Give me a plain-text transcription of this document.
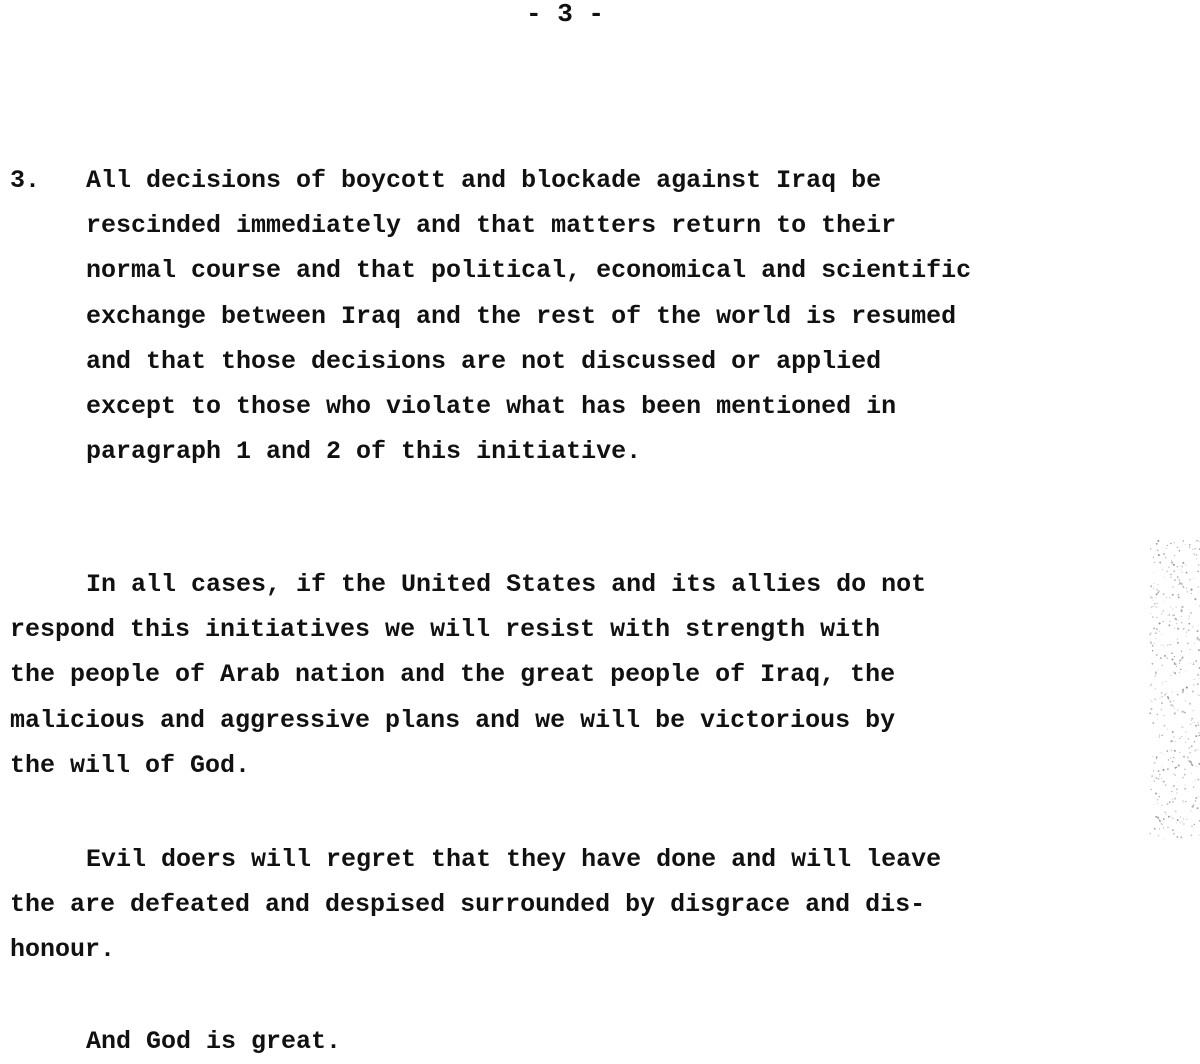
- 3 -
3. All decisions of boycott and blockade against Iraq be
rescinded immediately and that matters return to their
normal course and that political, economical and scientific
exchange between Iraq and the rest of the world is resumed
and that those decisions are not discussed or applied
except to those who violate what has been mentioned in
paragraph 1 and 2 of this initiative.
In all cases, if the United States and its allies do not
respond this initiatives we will resist with strength with
the people of Arab nation and the great people of Iraq, the
malicious and aggressive plans and we will be victorious by
the will of God.
Evil doers will regret that they have done and will leave
the are defeated and despised surrounded by disgrace and dis-
honour.
And God is great.
